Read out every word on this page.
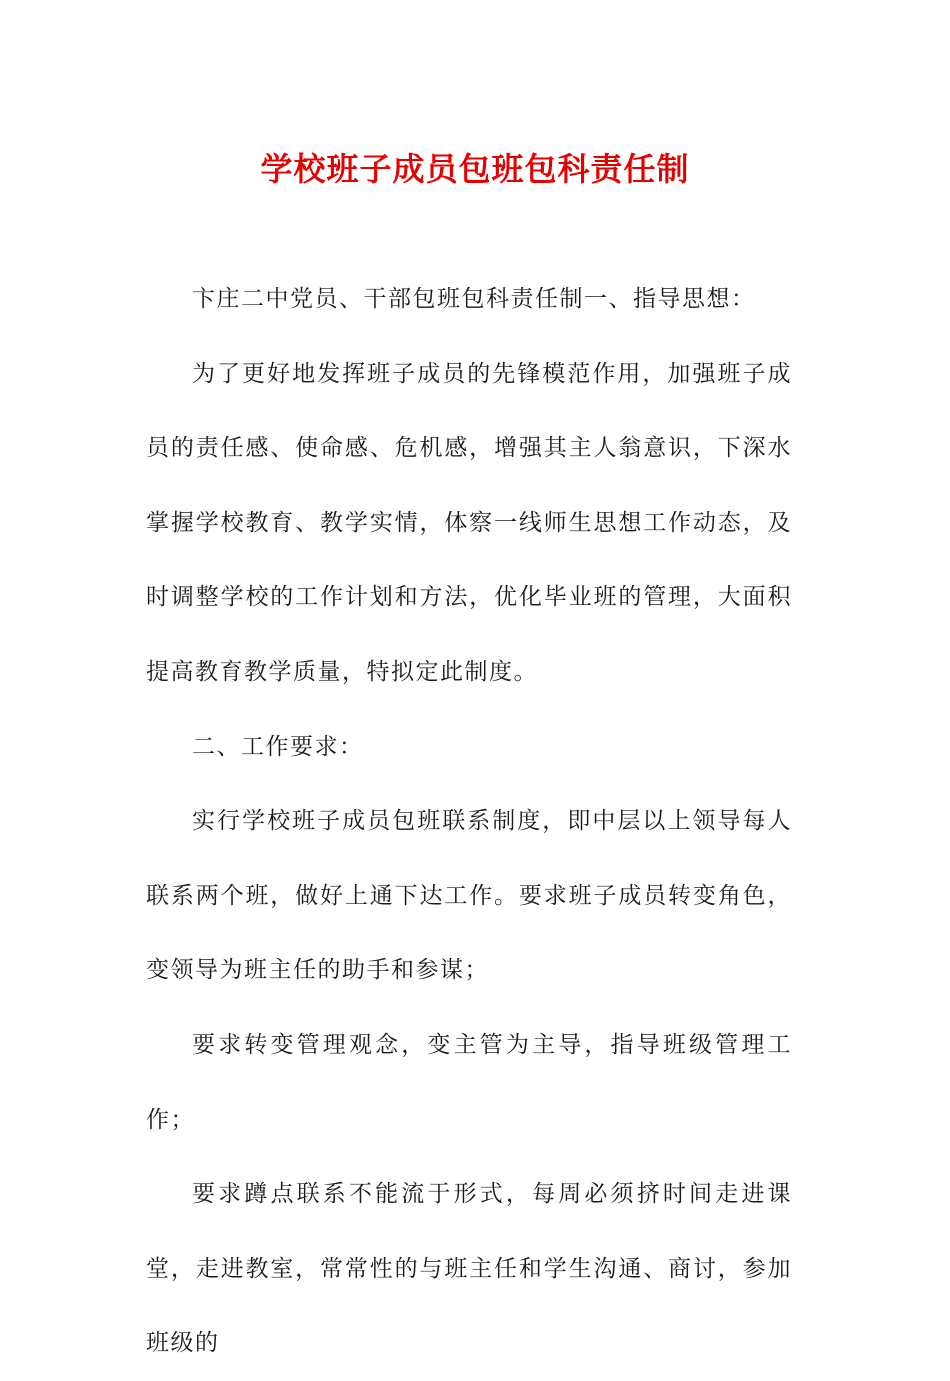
学校班子成员包班包科责任制

卞庄二中党员、干部包班包科责任制一、指导思想：

为了更好地发挥班子成员的先锋模范作用，加强班子成员的责任感、使命感、危机感，增强其主人翁意识，下深水掌握学校教育、教学实情，体察一线师生思想工作动态，及时调整学校的工作计划和方法，优化毕业班的管理，大面积提高教育教学质量，特拟定此制度。

二、工作要求：

实行学校班子成员包班联系制度，即中层以上领导每人联系两个班，做好上通下达工作。要求班子成员转变角色，变领导为班主任的助手和参谋；

要求转变管理观念，变主管为主导，指导班级管理工作；

要求蹲点联系不能流于形式，每周必须挤时间走进课堂，走进教室，常常性的与班主任和学生沟通、商讨，参加班级的
